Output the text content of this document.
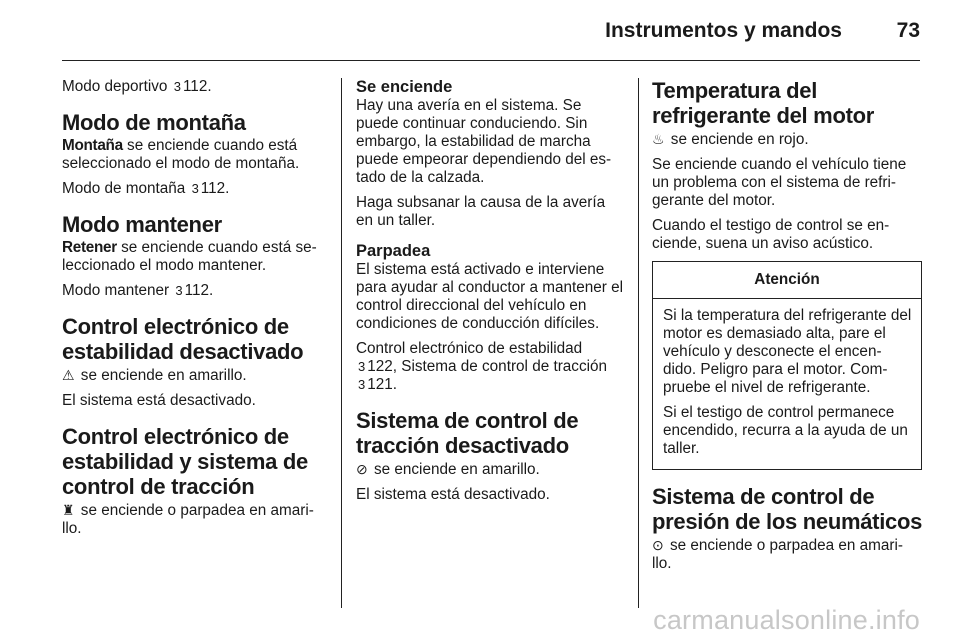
Instrumentos y mandos	73

Modo deportivo 3 112.

Modo de montaña

Montaña se enciende cuando está seleccionado el modo de montaña.

Modo de montaña 3 112.

Modo mantener

Retener se enciende cuando está se-leccionado el modo mantener.

Modo mantener 3 112.

Control electrónico de estabilidad desactivado

⚠ se enciende en amarillo.

El sistema está desactivado.

Control electrónico de estabilidad y sistema de control de tracción

♜ se enciende o parpadea en amari-llo.

Se enciende

Hay una avería en el sistema. Se puede continuar conduciendo. Sin embargo, la estabilidad de marcha puede empeorar dependiendo del es-tado de la calzada.

Haga subsanar la causa de la avería en un taller.

Parpadea

El sistema está activado e interviene para ayudar al conductor a mantener el control direccional del vehículo en condiciones de conducción difíciles.

Control electrónico de estabilidad
3 122, Sistema de control de tracción
3 121.

Sistema de control de tracción desactivado

⊘ se enciende en amarillo.

El sistema está desactivado.

Temperatura del refrigerante del motor

♨ se enciende en rojo.

Se enciende cuando el vehículo tiene un problema con el sistema de refri-gerante del motor.

Cuando el testigo de control se en-ciende, suena un aviso acústico.

Atención

Si la temperatura del refrigerante del motor es demasiado alta, pare el vehículo y desconecte el encen-dido. Peligro para el motor. Com-pruebe el nivel de refrigerante.

Si el testigo de control permanece encendido, recurra a la ayuda de un taller.

Sistema de control de presión de los neumáticos

⊙ se enciende o parpadea en amari-llo.

carmanualsonline.info
